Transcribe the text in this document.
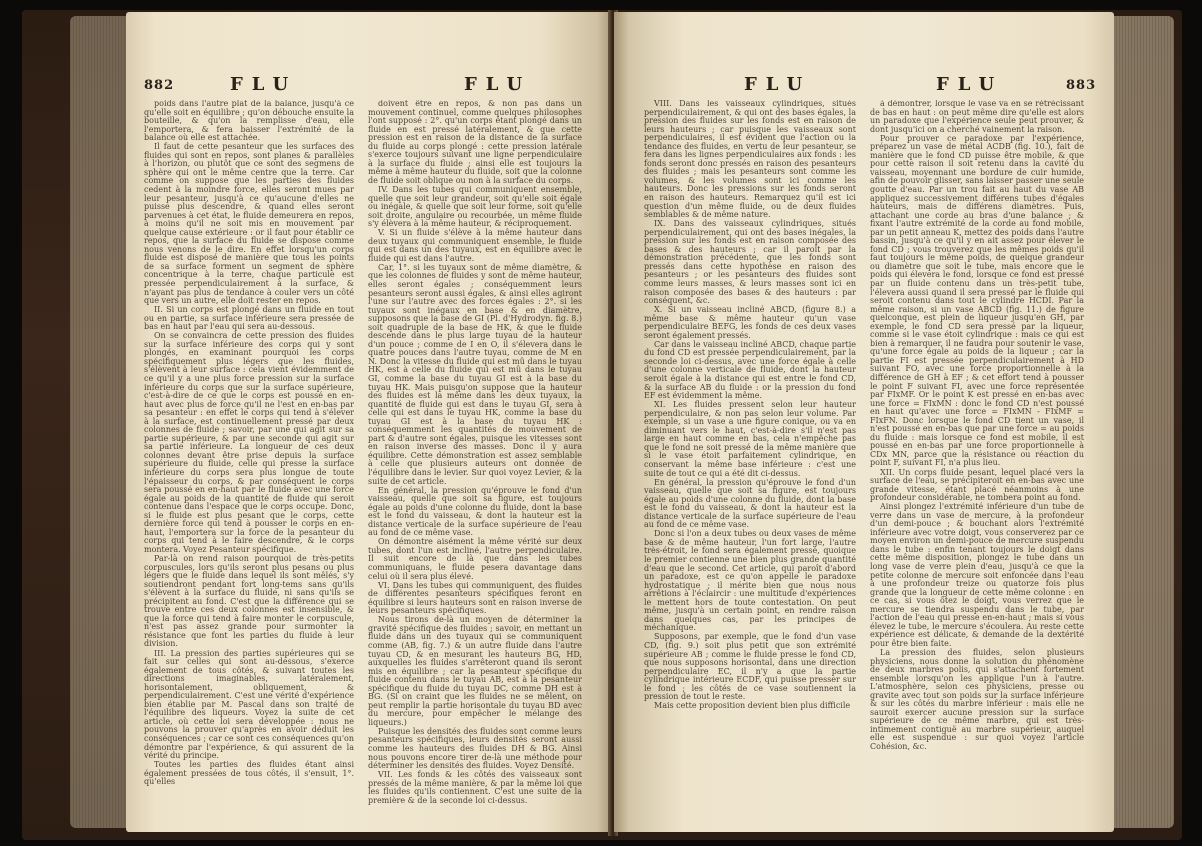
882	FLU	FLU

poids dans l'autre plat de la balance, jusqu'à ce qu'elle soit en équilibre ; qu'on débouche ensuite la bouteille, & qu'on la remplisse d'eau, elle l'emportera, & fera baisser l'extrémité de la balance où elle est attachée.

Il faut de cette pesanteur que les surfaces des fluides qui sont en repos, sont planes & parallèles à l'horizon, ou plutôt que ce sont des segmens de sphère qui ont le même centre que la terre. Car comme on suppose que les parties des fluides cedent à la moindre force, elles seront mues par leur pesanteur, jusqu'à ce qu'aucune d'elles ne puisse plus descendre, & quand elles seront parvenues à cet état, le fluide demeurera en repos, à moins qu'il ne soit mis en mouvement par quelque cause extérieure : or il faut pour établir ce repos, que la surface du fluide se dispose comme nous venons de le dire. En effet lorsqu'un corps fluide est disposé de manière que tous les points de sa surface forment un segment de sphère concentrique à la terre, chaque particule est pressée perpendiculairement à la surface, & n'ayant pas plus de tendance à couler vers un côté que vers un autre, elle doit rester en repos.

II. Si un corps est plongé dans un fluide en tout ou en partie, sa surface inférieure sera pressée de bas en haut par l'eau qui sera au-dessous.

On se convaincra de cette pression des fluides sur la surface inférieure des corps qui y sont plongés, en examinant pourquoi les corps spécifiquement plus légers que les fluides, s'élèvent à leur surface : cela vient évidemment de ce qu'il y a une plus force pression sur la surface inférieure du corps que sur la surface supérieure, c'est-à-dire de ce que le corps est poussé en en-haut avec plus de force qu'il ne l'est en en-bas par sa pesanteur : en effet le corps qui tend à s'élever à la surface, est continuellement pressé par deux colonnes de fluide ; savoir, par une qui agit sur sa partie supérieure, & par une seconde qui agit sur sa partie inférieure. La longueur de ces deux colonnes devant être prise depuis la surface supérieure du fluide, celle qui presse la surface inférieure du corps sera plus longue de toute l'épaisseur du corps, & par conséquent le corps sera poussé en en-haut par le fluide avec une force égale au poids de la quantité de fluide qui seroit contenue dans l'espace que le corps occupe. Donc, si le fluide est plus pesant que le corps, cette dernière force qui tend à pousser le corps en en-haut, l'emportera sur la force de la pesanteur du corps qui tend à le faire descendre, & le corps montera. Voyez Pesanteur spécifique.

Par-là on rend raison pourquoi de très-petits corpuscules, lors qu'ils seront plus pesans ou plus légers que le fluide dans lequel ils sont mêlés, s'y soutiendront pendant fort long-tems sans qu'ils s'élèvent à la surface du fluide, ni sans qu'ils se précipitent au fond. C'est que la différence qui se trouve entre ces deux colonnes est insensible, & que la force qui tend à faire monter le corpuscule, n'est pas assez grande pour surmonter la résistance que font les parties du fluide à leur division.

III. La pression des parties supérieures qui se fait sur celles qui sont au-dessous, s'exerce également de tous côtés, & suivant toutes les directions imaginables, latéralement, horisontalement, obliquement, & perpendiculairement. C'est une vérité d'expérience bien établie par M. Pascal dans son traité de l'équilibre des liqueurs. Voyez la suite de cet article, où cette loi sera développée : nous ne pouvons la prouver qu'après en avoir déduit les conséquences ; car ce sont ces conséquences qu'on démontre par l'expérience, & qui assurent de la vérité du principe.

Toutes les parties des fluides étant ainsi également pressées de tous côtés, il s'ensuit, 1°. qu'elles

doivent être en repos, & non pas dans un mouvement continuel, comme quelques philosophes l'ont supposé : 2°. qu'un corps étant plongé dans un fluide en est pressé latéralement, & que cette pression est en raison de la distance de la surface du fluide au corps plongé : cette pression latérale s'exerce toujours suivant une ligne perpendiculaire à la surface du fluide ; ainsi elle est toujours la même à même hauteur du fluide, soit que la colonne de fluide soit oblique ou non à la surface du corps.

IV. Dans les tubes qui communiquent ensemble, quelle que soit leur grandeur, soit qu'elle soit égale ou inégale, & quelle que soit leur forme, soit qu'elle soit droite, angulaire ou recourbée, un même fluide s'y élèvera à la même hauteur, & réciproquement.

V. Si un fluide s'élève à la même hauteur dans deux tuyaux qui communiquent ensemble, le fluide qui est dans un des tuyaux, est en équilibre avec le fluide qui est dans l'autre.

Car, 1°. si les tuyaux sont de même diamètre, & que les colonnes de fluides y sont de même hauteur, elles seront égales ; conséquemment leurs pesanteurs seront aussi égales, & ainsi elles agiront l'une sur l'autre avec des forces égales : 2°. si les tuyaux sont inégaux en base & en diamètre, supposons que la base de GI (Pl. d'Hydrodyn. fig. 8.) soit quadruple de la base de HK, & que le fluide descende dans le plus large tuyau de la hauteur d'un pouce ; comme de I en O, il s'élevera dans le quatre pouces dans l'autre tuyau, comme de M en N. Donc la vitesse du fluide qui est mû dans le tuyau HK, est à celle du fluide qui est mû dans le tuyau GI, comme la base du tuyau GI est à la base du tuyau HK. Mais puisqu'on suppose que la hauteur des fluides est la même dans les deux tuyaux, la quantité de fluide qui est dans le tuyau GI, sera à celle qui est dans le tuyau HK, comme la base du tuyau GI est à la base du tuyau HK : conséquemment les quantités de mouvement de part & d'autre sont égales, puisque les vitesses sont en raison inverse des masses. Donc il y aura équilibre. Cette démonstration est assez semblable à celle que plusieurs auteurs ont donnée de l'équilibre dans le levier. Sur quoi voyez Levier, & la suite de cet article.

En général, la pression qu'éprouve le fond d'un vaisseau, quelle que soit sa figure, est toujours égale au poids d'une colonne du fluide, dont la base est le fond du vaisseau, & dont la hauteur est la distance verticale de la surface supérieure de l'eau au fond de ce même vase.

On démontre aisément la même vérité sur deux tubes, dont l'un est incliné, l'autre perpendiculaire. Il suit encore de là que dans les tubes communiquans, le fluide pesera davantage dans celui où il sera plus élevé.

VI. Dans les tubes qui communiquent, des fluides de différentes pesanteurs spécifiques feront en équilibre si leurs hauteurs sont en raison inverse de leurs pesanteurs spécifiques.

Nous tirons de-là un moyen de déterminer la gravité spécifique des fluides ; savoir, en mettant un fluide dans un des tuyaux qui se communiquent comme (AB, fig. 7.) & un autre fluide dans l'autre tuyau CD, & en mesurant les hauteurs BG, HD, auxquelles les fluides s'arrêteront quand ils seront mis en équilibre ; car la pesanteur spécifique du fluide contenu dans le tuyau AB, est à la pesanteur spécifique du fluide du tuyau DC, comme DH est à BG. (Si on craint que les fluides ne se mêlent, on peut remplir la partie horisontale du tuyau BD avec du mercure, pour empêcher le mélange des liqueurs.)

Puisque les densités des fluides sont comme leurs pesanteurs spécifiques, leurs densités seront aussi comme les hauteurs des fluides DH & BG. Ainsi nous pouvons encore tirer de-là une méthode pour déterminer les densités des fluides. Voyez Densité.

VII. Les fonds & les côtés des vaisseaux sont pressés de la même manière, & par la même loi que les fluides qu'ils contiennent. C'est une suite de la première & de la seconde loi ci-dessus.

FLU	FLU	883

VIII. Dans les vaisseaux cylindriques, situés perpendiculairement, & qui ont des bases égales, la pression des fluides sur les fonds est en raison de leurs hauteurs ; car puisque les vaisseaux sont perpendiculaires, il est évident que l'action ou la tendance des fluides, en vertu de leur pesanteur, se fera dans les lignes perpendiculaires aux fonds : les fonds seront donc pressés en raison des pesanteurs des fluides ; mais les pesanteurs sont comme les volumes, & les volumes sont ici comme les hauteurs. Donc les pressions sur les fonds seront en raison des hauteurs. Remarquez qu'il est ici question d'un même fluide, ou de deux fluides semblables & de même nature.

IX. Dans des vaisseaux cylindriques, situés perpendiculairement, qui ont des bases inégales, la pression sur les fonds est en raison composée des bases & des hauteurs ; car il paroît par la démonstration précédente, que les fonds sont pressés dans cette hypothèse en raison des pesanteurs ; or les pesanteurs des fluides sont comme leurs masses, & leurs masses sont ici en raison composée des bases & des hauteurs : par conséquent, &c.

X. Si un vaisseau incliné ABCD, (figure 8.) a même base & même hauteur qu'un vase perpendiculaire BEFG, les fonds de ces deux vases seront également pressés.

Car dans le vaisseau incliné ABCD, chaque partie du fond CD est pressée perpendiculairement, par la seconde loi ci-dessus, avec une force égale à celle d'une colonne verticale de fluide, dont la hauteur seroit égale à la distance qui est entre le fond CD, & la surface AB du fluide : or la pression du fond EF est évidemment la même.

XI. Les fluides pressent selon leur hauteur perpendiculaire, & non pas selon leur volume. Par exemple, si un vase a une figure conique, ou va en diminuant vers le haut, c'est-à-dire s'il n'est pas large en haut comme en bas, cela n'empêche pas que le fond ne soit pressé de la même manière que si le vase étoit parfaitement cylindrique, en conservant la même base inférieure : c'est une suite de tout ce qui a été dit ci-dessus.

En général, la pression qu'éprouve le fond d'un vaisseau, quelle que soit sa figure, est toujours égale au poids d'une colonne du fluide, dont la base est le fond du vaisseau, & dont la hauteur est la distance verticale de la surface supérieure de l'eau au fond de ce même vase.

Donc si l'on a deux tubes ou deux vases de même base & de même hauteur, l'un fort large, l'autre très-étroit, le fond sera également pressé, quoique le premier contienne une bien plus grande quantité d'eau que le second. Cet article, qui paroît d'abord un paradoxe, est ce qu'on appelle le paradoxe hydrostatique ; il mérite bien que nous nous arrêtions à l'éclaircir : une multitude d'expériences le mettent hors de toute contestation. On peut même, jusqu'à un certain point, en rendre raison dans quelques cas, par les principes de méchanique.

Supposons, par exemple, que le fond d'un vase CD, (fig. 9.) soit plus petit que son extrémité supérieure AB ; comme le fluide presse le fond CD, que nous supposons horisontal, dans une direction perpendiculaire EC, il n'y a que la partie cylindrique intérieure ECDF, qui puisse presser sur le fond ; les côtés de ce vase soutiennent la pression de tout le reste.

Mais cette proposition devient bien plus difficile

à démontrer, lorsque le vase va en se rétrécissant de bas en haut : on peut même dire qu'elle est alors un paradoxe que l'expérience seule peut prouver, & dont jusqu'ici on a cherché vainement la raison.

Pour prouver ce paradoxe par l'expérience, préparez un vase de métal ACDB (fig. 10.), fait de manière que le fond CD puisse être mobile, & que pour cette raison il soit retenu dans la cavité du vaisseau, moyennant une bordure de cuir humide, afin de pouvoir glisser, sans laisser passer une seule goutte d'eau. Par un trou fait au haut du vase AB appliquez successivement différens tubes d'égales hauteurs, mais de différens diamètres. Puis, attachant une corde au bras d'une balance ; & fixant l'autre extrémité de la corde au fond mobile, par un petit anneau K, mettez des poids dans l'autre bassin, jusqu'à ce qu'il y en ait assez pour élever le fond CD ; vous trouverez que les mêmes poids qu'il faut toujours le même poids, de quelque grandeur ou diamètre que soit le tube, mais encore que le poids qui élevera le fond, lorsque ce fond est pressé par un fluide contenu dans un très-petit tube, l'élevera aussi quand il sera pressé par le fluide qui seroit contenu dans tout le cylindre HCDI. Par la même raison, si un vase ABCD (fig. 11.) de figure quelconque, est plein de liqueur jusqu'en GH, par exemple, le fond CD sera pressé par la liqueur, comme si le vase étoit cylindrique : mais ce qui est bien à remarquer, il ne faudra pour soutenir le vase, qu'une force égale au poids de la liqueur ; car la partie FI est pressée perpendiculairement à HD suivant FO, avec une force proportionnelle à la différence de GH à EF ; & cet effort tend à pousser le point F suivant FI, avec une force représentée par FIxMF. Or le point K est pressé en en-bas avec une force = FIxMN : donc le fond CD n'est poussé en haut qu'avec une force = FIxMN - FIxMF = FIxFN. Donc lorsque le fond CD tient un vase, il n'est poussé en en-bas que par une force = au poids du fluide : mais lorsque ce fond est mobile, il est poussé en en-bas par une force proportionnelle à CDx MN, parce que la résistance ou réaction du point F, suivant FI, n'a plus lieu.

XII. Un corps fluide pesant, lequel placé vers la surface de l'eau, se précipiteroit en en-bas avec une grande vitesse, étant placé néanmoins à une profondeur considérable, ne tombera point au fond.

Ainsi plongez l'extrémité inférieure d'un tube de verre dans un vase de mercure, à la profondeur d'un demi-pouce ; & bouchant alors l'extrémité inférieure avec votre doigt, vous conserverez par ce moyen environ un demi-pouce de mercure suspendu dans le tube : enfin tenant toujours le doigt dans cette même disposition, plongez le tube dans un long vase de verre plein d'eau, jusqu'à ce que la petite colonne de mercure soit enfoncée dans l'eau à une profondeur treize ou quatorze fois plus grande que la longueur de cette même colonne : en ce cas, si vous ôtez le doigt, vous verrez que le mercure se tiendra suspendu dans le tube, par l'action de l'eau qui presse en-en-haut ; mais si vous élevez le tube, le mercure s'écoulera. Au reste cette expérience est délicate, & demande de la dextérité pour être bien faite.

La pression des fluides, selon plusieurs physiciens, nous donne la solution du phénomène de deux marbres polis, qui s'attachent fortement ensemble lorsqu'on les applique l'un à l'autre. L'atmosphère, selon ces physiciens, presse ou gravite avec tout son poids sur la surface inférieure & sur les côtés du marbre inférieur : mais elle ne sauroit exercer aucune pression sur la surface supérieure de ce même marbre, qui est très-intimement contiguë au marbre supérieur, auquel elle est suspendue : sur quoi voyez l'article Cohésion, &c.
